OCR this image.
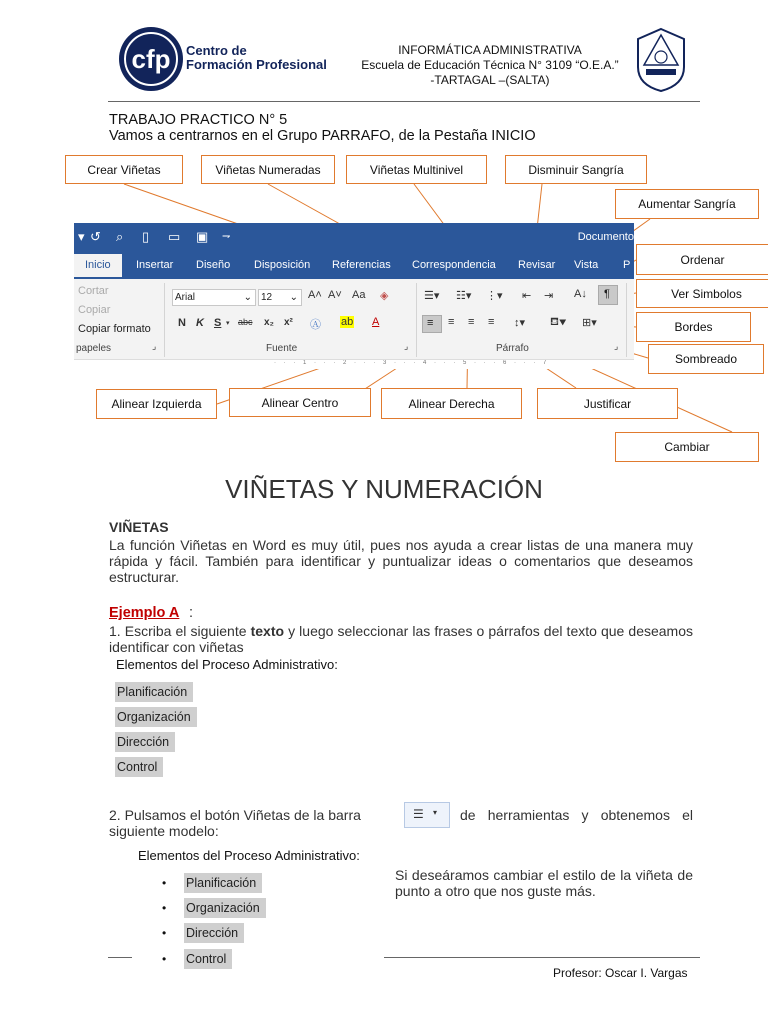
cfp Centro de
Formación Profesional
INFORMÁTICA ADMINISTRATIVA
Escuela de Educación Técnica N° 3109 “O.E.A.”
-TARTAGAL –(SALTA)
TRABAJO PRACTICO N° 5
Vamos a centrarnos en el Grupo PARRAFO, de la Pestaña INICIO
▾ ↺ ⌕ ▯ ▭ ▣ ⇁	Documento
Inicio	Insertar Diseño Disposición Referencias Correspondencia Revisar Vista P
Cortar
Copiar
Copiar formato
papeles	⌟
Arial	⌄ 12 ⌄ A˄ A˅ Aa ◈
N K S ▾ abc x₂ x² Ⓐ ab A
Fuente	⌟
☰▾ ☷▾ ⋮▾ ⇤ ⇥ A↓ ¶
≡ ≡ ≡ ≡ ↕▾ ⛾▾ ⊞▾
Párrafo	⌟
· · · 1 · · · 2 · · · 3 · · · 4 · · · 5 · · · 6 · · · 7
Crear Viñetas	Viñetas Numeradas	Viñetas Multinivel	Disminuir Sangría
Aumentar Sangría
Ordenar
Ver Simbolos
Bordes
Sombreado
Alinear Izquierda	Alinear Centro	Alinear Derecha	Justificar
Cambiar
VIÑETAS Y NUMERACIÓN
VIÑETAS
La función Viñetas en Word es muy útil, pues nos ayuda a crear listas de una manera muy rápida y fácil. También para identificar y puntualizar ideas o comentarios que deseamos estructurar.
Ejemplo A :
1. Escriba el siguiente texto y luego seleccionar las frases o párrafos del texto que deseamos identificar con viñetas
Elementos del Proceso Administrativo:
Planificación
Organización
Dirección
Control
2. Pulsamos el botón Viñetas de la barra	☰ ▾	de herramientas y obtenemos el siguiente modelo:
Elementos del Proceso Administrativo:
• Planificación
• Organización
• Dirección
• Control
Si deseáramos cambiar el estilo de la viñeta de punto a otro que nos guste más.
Profesor: Oscar I. Vargas
